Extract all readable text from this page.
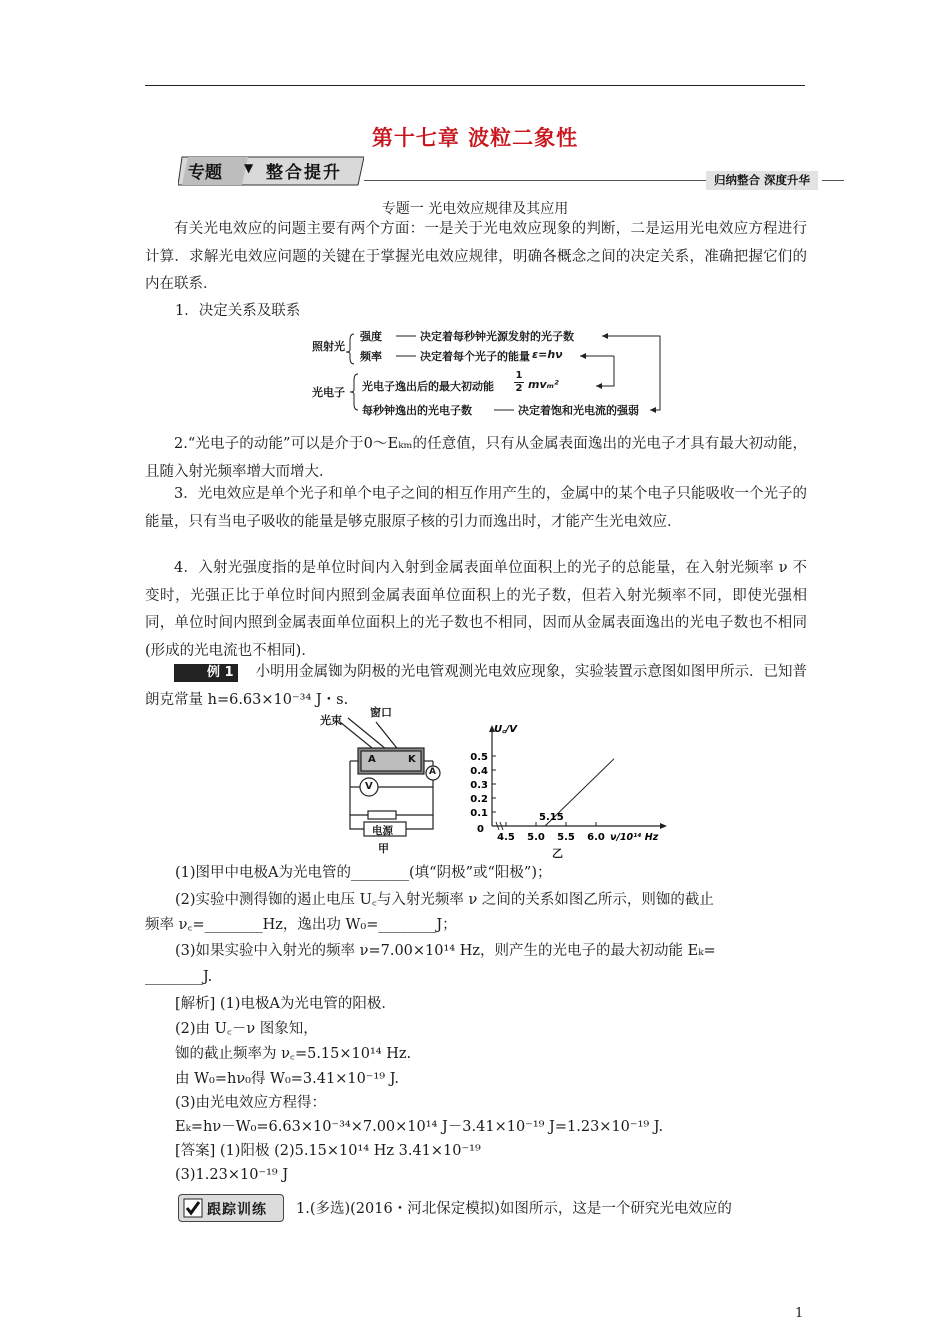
第十七章 波粒二象性
专题 ▼ 整合提升	归纳整合 深度升华
专题一 光电效应规律及其应用

有关光电效应的问题主要有两个方面：一是关于光电效应现象的判断，二是运用光电效应方程进行计算．求解光电效应问题的关键在于掌握光电效应规律，明确各概念之间的决定关系，准确把握它们的内在联系．

1．决定关系及联系

照射光
强度	决定着每秒钟光源发射的光子数
频率	决定着每个光子的能量 ε=hν
光电子 光电子逸出后的最大初动能 $\frac{1}{2} mv_m^2$
每秒钟逸出的光电子数	决定着饱和光电流的强弱

2.“光电子的动能”可以是介于0～Eₖₘ的任意值，只有从金属表面逸出的光电子才具有最大初动能，且随入射光频率增大而增大．

3．光电效应是单个光子和单个电子之间的相互作用产生的，金属中的某个电子只能吸收一个光子的能量，只有当电子吸收的能量是够克服原子核的引力而逸出时，才能产生光电效应．

4．入射光强度指的是单位时间内入射到金属表面单位面积上的光子的总能量，在入射光频率 ν 不变时，光强正比于单位时间内照到金属表面单位面积上的光子数，但若入射光频率不同，即使光强相同，单位时间内照到金属表面单位面积上的光子数也不相同，因而从金属表面逸出的光电子数也不相同(形成的光电流也不相同)．

例 1 小明用金属铷为阴极的光电管观测光电效应现象，实验装置示意图如图甲所示．已知普朗克常量 h=6.63×10⁻³⁴ J・s.

光束
窗口
A	K
A
V
电源
甲
0.1
0.2
0.3
0.4
0.5
4.5 5.0 5.5 6.0
0
U꜀/V
ν/10¹⁴ Hz
5.15
乙
(1)图甲中电极A为光电管的________(填“阴极”或“阳极”)；
(2)实验中测得铷的遏止电压 U꜀与入射光频率 ν 之间的关系如图乙所示，则铷的截止
频率 ν꜀=________Hz，逸出功 W₀=________J；
(3)如果实验中入射光的频率 ν=7.00×10¹⁴ Hz，则产生的光电子的最大初动能 Eₖ=
________J.
[解析] (1)电极A为光电管的阳极．
(2)由 U꜀－ν 图象知，
铷的截止频率为 ν꜀=5.15×10¹⁴ Hz.
由 W₀=hν₀得 W₀=3.41×10⁻¹⁹ J.
(3)由光电效应方程得：
Eₖ=hν－W₀=6.63×10⁻³⁴×7.00×10¹⁴ J－3.41×10⁻¹⁹ J=1.23×10⁻¹⁹ J.
[答案] (1)阳极 (2)5.15×10¹⁴ Hz 3.41×10⁻¹⁹
(3)1.23×10⁻¹⁹ J
跟踪训练 1.(多选)(2016・河北保定模拟)如图所示，这是一个研究光电效应的
1
